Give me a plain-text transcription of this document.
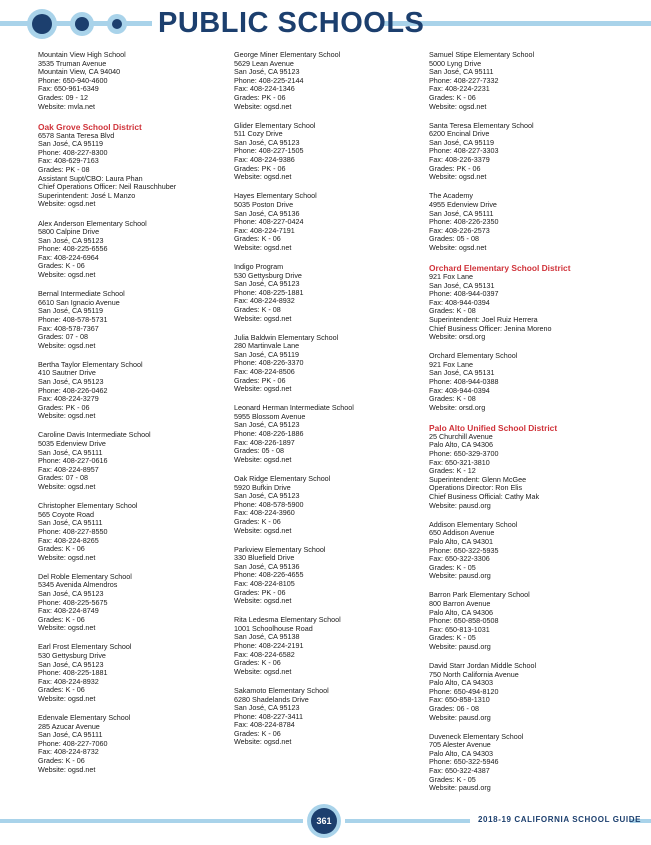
PUBLIC SCHOOLS
Mountain View High School
3535 Truman Avenue
Mountain View, CA 94040
Phone: 650-940-4600
Fax: 650-961-6349
Grades: 09 - 12
Website: mvla.net
Oak Grove School District
6578 Santa Teresa Blvd
San José, CA 95119
Phone: 408-227-8300
Fax: 408-629-7163
Grades: PK - 08
Assistant Supt/CBO: Laura Phan
Chief Operations Officer: Neil Rauschhuber
Superintendent: José L Manzo
Website: ogsd.net
Alex Anderson Elementary School
5800 Calpine Drive
San José, CA 95123
Phone: 408-225-6556
Fax: 408-224-6964
Grades: K - 06
Website: ogsd.net
Bernal Intermediate School
6610 San Ignacio Avenue
San José, CA 95119
Phone: 408-578-5731
Fax: 408-578-7367
Grades: 07 - 08
Website: ogsd.net
Bertha Taylor Elementary School
410 Sautner Drive
San José, CA 95123
Phone: 408-226-0462
Fax: 408-224-3279
Grades: PK - 06
Website: ogsd.net
Caroline Davis Intermediate School
5035 Edenview Drive
San José, CA 95111
Phone: 408-227-0616
Fax: 408-224-8957
Grades: 07 - 08
Website: ogsd.net
Christopher Elementary School
565 Coyote Road
San José, CA 95111
Phone: 408-227-8550
Fax: 408-224-8265
Grades: K - 06
Website: ogsd.net
Del Roble Elementary School
5345 Avenida Almendros
San José, CA 95123
Phone: 408-225-5675
Fax: 408-224-8749
Grades: K - 06
Website: ogsd.net
Earl Frost Elementary School
530 Gettysburg Drive
San José, CA 95123
Phone: 408-225-1881
Fax: 408-224-8932
Grades: K - 06
Website: ogsd.net
Edenvale Elementary School
285 Azucar Avenue
San José, CA 95111
Phone: 408-227-7060
Fax: 408-224-8732
Grades: K - 06
Website: ogsd.net
George Miner Elementary School
5629 Lean Avenue
San José, CA 95123
Phone: 408-225-2144
Fax: 408-224-1346
Grades: PK - 06
Website: ogsd.net
Glider Elementary School
511 Cozy Drive
San José, CA 95123
Phone: 408-227-1505
Fax: 408-224-9386
Grades: PK - 06
Website: ogsd.net
Hayes Elementary School
5035 Poston Drive
San José, CA 95136
Phone: 408-227-0424
Fax: 408-224-7191
Grades: K - 06
Website: ogsd.net
Indigo Program
530 Gettysburg Drive
San José, CA 95123
Phone: 408-225-1881
Fax: 408-224-8932
Grades: K - 08
Website: ogsd.net
Julia Baldwin Elementary School
280 Martinvale Lane
San José, CA 95119
Phone: 408-226-3370
Fax: 408-224-8506
Grades: PK - 06
Website: ogsd.net
Leonard Herman Intermediate School
5955 Blossom Avenue
San José, CA 95123
Phone: 408-226-1886
Fax: 408-226-1897
Grades: 05 - 08
Website: ogsd.net
Oak Ridge Elementary School
5920 Bufkin Drive
San José, CA 95123
Phone: 408-578-5900
Fax: 408-224-3960
Grades: K - 06
Website: ogsd.net
Parkview Elementary School
330 Bluefield Drive
San José, CA 95136
Phone: 408-226-4655
Fax: 408-224-8105
Grades: PK - 06
Website: ogsd.net
Rita Ledesma Elementary School
1001 Schoolhouse Road
San José, CA 95138
Phone: 408-224-2191
Fax: 408-224-6582
Grades: K - 06
Website: ogsd.net
Sakamoto Elementary School
6280 Shadelands Drive
San José, CA 95123
Phone: 408-227-3411
Fax: 408-224-8784
Grades: K - 06
Website: ogsd.net
Samuel Stipe Elementary School
5000 Lyng Drive
San José, CA 95111
Phone: 408-227-7332
Fax: 408-224-2231
Grades: K - 06
Website: ogsd.net
Santa Teresa Elementary School
6200 Encinal Drive
San José, CA 95119
Phone: 408-227-3303
Fax: 408-226-3379
Grades: PK - 06
Website: ogsd.net
The Academy
4955 Edenview Drive
San José, CA 95111
Phone: 408-226-2350
Fax: 408-226-2573
Grades: 05 - 08
Website: ogsd.net
Orchard Elementary School District
921 Fox Lane
San José, CA 95131
Phone: 408-944-0397
Fax: 408-944-0394
Grades: K - 08
Superintendent: Joel Ruiz Herrera
Chief Business Officer: Jenina Moreno
Website: orsd.org
Orchard Elementary School
921 Fox Lane
San José, CA 95131
Phone: 408-944-0388
Fax: 408-944-0394
Grades: K - 08
Website: orsd.org
Palo Alto Unified School District
25 Churchill Avenue
Palo Alto, CA 94306
Phone: 650-329-3700
Fax: 650-321-3810
Grades: K - 12
Superintendent: Glenn McGee
Operations Director: Ron Elis
Chief Business Official: Cathy Mak
Website: pausd.org
Addison Elementary School
650 Addison Avenue
Palo Alto, CA 94301
Phone: 650-322-5935
Fax: 650-322-3306
Grades: K - 05
Website: pausd.org
Barron Park Elementary School
800 Barron Avenue
Palo Alto, CA 94306
Phone: 650-858-0508
Fax: 650-813-1031
Grades: K - 05
Website: pausd.org
David Starr Jordan Middle School
750 North California Avenue
Palo Alto, CA 94303
Phone: 650-494-8120
Fax: 650-858-1310
Grades: 06 - 08
Website: pausd.org
Duveneck Elementary School
705 Alester Avenue
Palo Alto, CA 94303
Phone: 650-322-5946
Fax: 650-322-4387
Grades: K - 05
Website: pausd.org
361	2018-19 CALIFORNIA SCHOOL GUIDE
